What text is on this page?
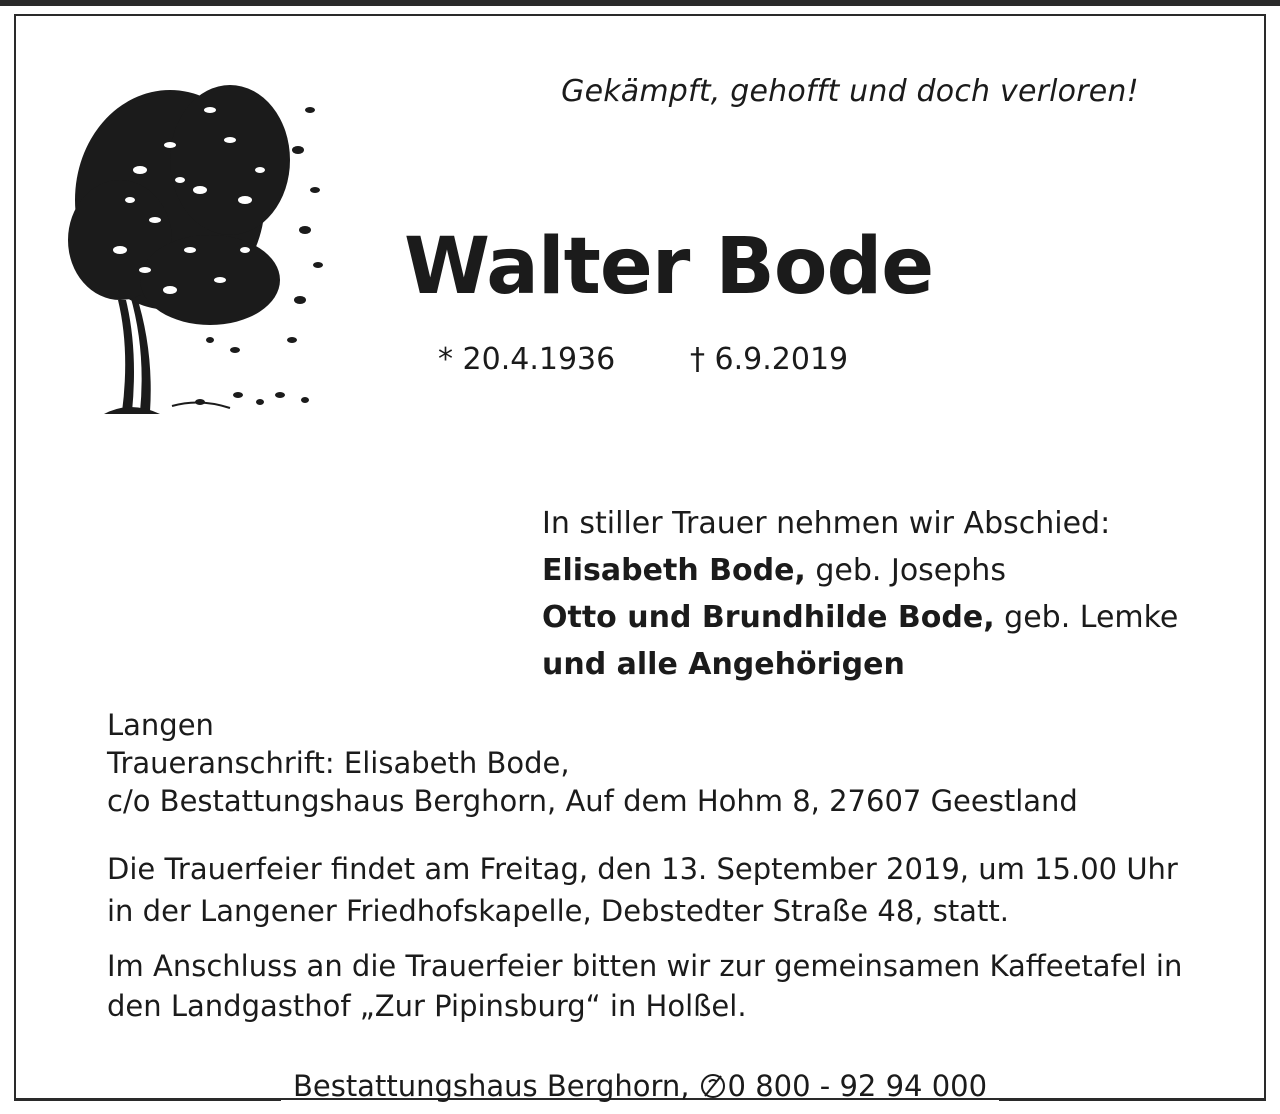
Gekämpft, gehofft und doch verloren!
Walter Bode
* 20.4.1936 † 6.9.2019
In stiller Trauer nehmen wir Abschied:
Elisabeth Bode, geb. Josephs
Otto und Brundhilde Bode, geb. Lemke
und alle Angehörigen
Langen
Traueranschrift: Elisabeth Bode,
c/o Bestattungshaus Berghorn, Auf dem Hohm 8, 27607 Geestland
Die Trauerfeier findet am Freitag, den 13. September 2019, um 15.00 Uhr
in der Langener Friedhofskapelle, Debstedter Straße 48, statt.
Im Anschluss an die Trauerfeier bitten wir zur gemeinsamen Kaffeetafel in
den Landgasthof „Zur Pipinsburg“ in Holßel.
Bestattungshaus Berghorn, 0 800 - 92 94 000
